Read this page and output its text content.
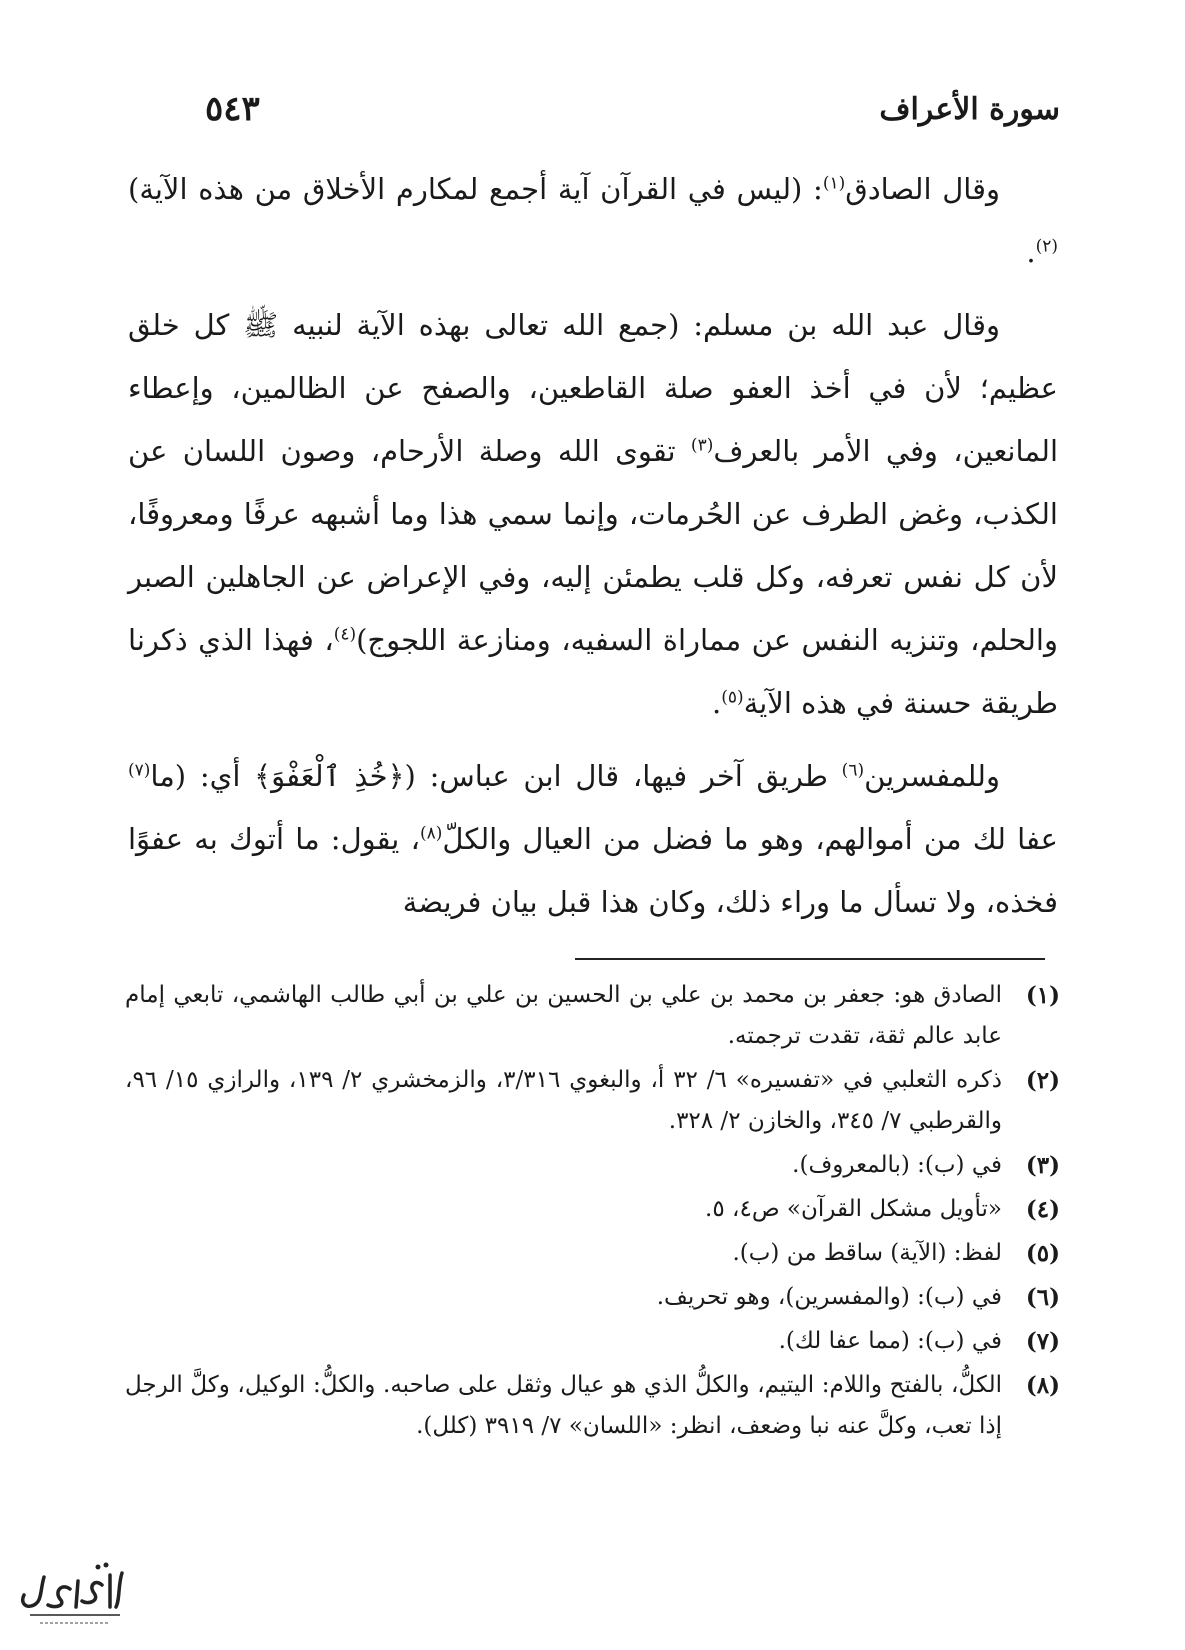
سورة الأعراف
٥٤٣

وقال الصادق$^{(١)}$: (ليس في القرآن آية أجمع لمكارم الأخلاق من هذه الآية)$^{(٢)}$.

وقال عبد الله بن مسلم: (جمع الله تعالى بهذه الآية لنبيه ﷺ كل خلق عظيم؛ لأن في أخذ العفو صلة القاطعين، والصفح عن الظالمين، وإعطاء المانعين، وفي الأمر بالعرف$^{(٣)}$ تقوى الله وصلة الأرحام، وصون اللسان عن الكذب، وغض الطرف عن الحُرمات، وإنما سمي هذا وما أشبهه عرفًا ومعروفًا، لأن كل نفس تعرفه، وكل قلب يطمئن إليه، وفي الإعراض عن الجاهلين الصبر والحلم، وتنزيه النفس عن مماراة السفيه، ومنازعة اللجوج)$^{(٤)}$، فهذا الذي ذكرنا طريقة حسنة في هذه الآية$^{(٥)}$.

وللمفسرين$^{(٦)}$ طريق آخر فيها، قال ابن عباس: (﴿خُذِ ٱلْعَفْوَ﴾ أي: (ما$^{(٧)}$ عفا لك من أموالهم، وهو ما فضل من العيال والكلّ$^{(٨)}$، يقول: ما أتوك به عفوًا فخذه، ولا تسأل ما وراء ذلك، وكان هذا قبل بيان فريضة

(١)
الصادق هو: جعفر بن محمد بن علي بن الحسين بن علي بن أبي طالب الهاشمي، تابعي إمام عابد عالم ثقة، تقدت ترجمته.
(٢)
ذكره الثعلبي في «تفسيره» ٦/ ٣٢ أ، والبغوي ٣/٣١٦، والزمخشري ٢/ ١٣٩، والرازي ١٥/ ٩٦، والقرطبي ٧/ ٣٤٥، والخازن ٢/ ٣٢٨.
(٣)
في (ب): (بالمعروف).
(٤)
«تأويل مشكل القرآن» ص٤، ٥.
(٥)
لفظ: (الآية) ساقط من (ب).
(٦)
في (ب): (والمفسرين)، وهو تحريف.
(٧)
في (ب): (مما عفا لك).
(٨)
الكلُّ، بالفتح واللام: اليتيم، والكلُّ الذي هو عيال وثقل على صاحبه. والكلُّ: الوكيل، وكلَّ الرجل إذا تعب، وكلَّ عنه نبا وضعف، انظر: «اللسان» ٧/ ٣٩١٩ (كلل).
